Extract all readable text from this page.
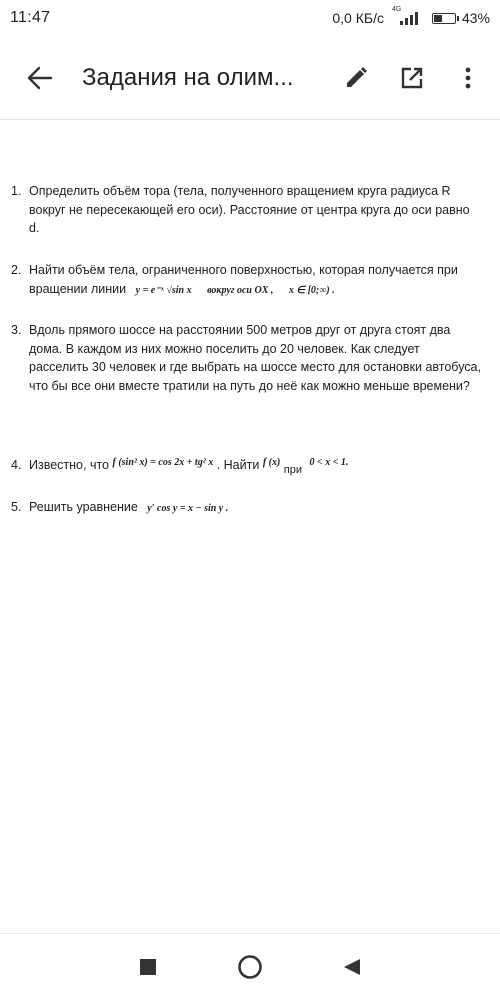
11:47	0,0 КБ/с
4G
43%
Задания на олим...
1. Определить объём тора (тела, полученного вращением круга радиуса R вокруг не пересекающей его оси). Расстояние от центра круга до оси равно d.
2. Найти объём тела, ограниченного поверхностью, которая получается при вращении линии y = e⁻ˣ √sin x вокруг оси OX , x ∈ [0;∞) .
3. Вдоль прямого шоссе на расстоянии 500 метров друг от друга стоят два дома. В каждом из них можно поселить до 20 человек. Как следует расселить 30 человек и где выбрать на шоссе место для остановки автобуса, что бы все они вместе тратили на путь до неё как можно меньше времени?
4. Известно, что $^{f (sin^2 x) = cos 2x + tg^2 x}$ . Найти $^{f (x)}$ при $^{0 < x < 1.}$
5. Решить уравнение y′ cos y = x − sin y .
